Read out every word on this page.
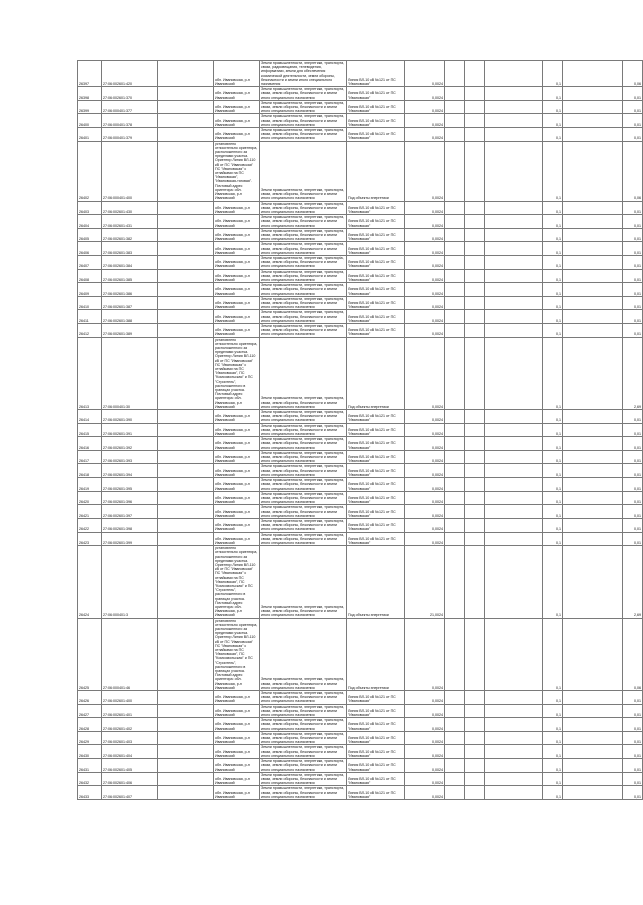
26397	27:06:002601:420		обл. Ивановская, р-н Ивановский	Земли промышленности, энергетики, транспорта, связи, радиовещания, телевидения, информатики, земли для обеспечения космической деятельности, земли обороны, безопасности и земли иного специального назначения	Линия ВЛ-10 кВ №121 от ПС "Ивановская"	0,0024				0,1		0,06
26398	27:06:002601:370		обл. Ивановская, р-н Ивановский	Земли промышленности, энергетики, транспорта, связи, земли обороны, безопасности и земли иного специального назначения	Линия ВЛ-10 кВ №121 от ПС "Ивановская"	0,0024				0,1		0,01
26399	27:06:000401:377		обл. Ивановская, р-н Ивановский	Земли промышленности, энергетики, транспорта, связи, земли обороны, безопасности и земли иного специального назначения	Линия ВЛ-10 кВ №121 от ПС "Ивановская"	0,0024				0,1		0,01
26400	27:06:000401:378		обл. Ивановская, р-н Ивановский	Земли промышленности, энергетики, транспорта, связи, земли обороны, безопасности и земли иного специального назначения	Линия ВЛ-10 кВ №121 от ПС "Ивановская"	0,0024				0,1		0,01
26401	27:06:000401:379		обл. Ивановская, р-н Ивановский	Земли промышленности, энергетики, транспорта, связи, земли обороны, безопасности и земли иного специального назначения	Линия ВЛ-10 кВ №121 от ПС "Ивановская"	0,0024				0,1		0,01
26402	27:06:000401:400		установлено относительно ориентира, расположенного за пределами участка. Ориентир Линия ВЛ-110 кВ от ПС "Ивановская" ПС "Ивановская" с отпайками на ПС "Ивановская", "Ивановская-тяговая". Почтовый адрес ориентира: обл. Ивановская, р-н Ивановский	Земли промышленности, энергетики, транспорта, связи, земли обороны, безопасности и земли иного специального назначения	Под объекты энергетики	0,0024				0,1		0,06
26403	27:06:002601:430		обл. Ивановская, р-н Ивановский	Земли промышленности, энергетики, транспорта, связи, земли обороны, безопасности и земли иного специального назначения	Линия ВЛ-10 кВ №121 от ПС "Ивановская"	0,0024				0,1		0,01
26404	27:06:002601:431		обл. Ивановская, р-н Ивановский	Земли промышленности, энергетики, транспорта, связи, земли обороны, безопасности и земли иного специального назначения	Линия ВЛ-10 кВ №121 от ПС "Ивановская"	0,0024				0,1		0,01
26405	27:06:002601:382		обл. Ивановская, р-н Ивановский	Земли промышленности, энергетики, транспорта, связи, земли обороны, безопасности и земли иного специального назначения	Линия ВЛ-10 кВ №121 от ПС "Ивановская"	0,0024				0,1		0,01
26406	27:06:002601:383		обл. Ивановская, р-н Ивановский	Земли промышленности, энергетики, транспорта, связи, земли обороны, безопасности и земли иного специального назначения	Линия ВЛ-10 кВ №121 от ПС "Ивановская"	0,0024				0,1		0,01
26407	27:06:002601:384		обл. Ивановская, р-н Ивановский	Земли промышленности, энергетики, транспорta, связи, земли обороны, безопасности и земли иного специального назначения	Линия ВЛ-10 кВ №121 от ПС "Ивановская"	0,0024				0,1		0,01
26408	27:06:002601:385		обл. Ивановская, р-н Ивановский	Земли промышленности, энергетики, транспорта, связи, земли обороны, безопасности и земли иного специального назначения	Линия ВЛ-10 кВ №121 от ПС "Ивановская"	0,0024				0,1		0,01
26409	27:06:002601:386		обл. Ивановская, р-н Ивановский	Земли промышленности, энергетики, транспорта, связи, земли обороны, безопасности и земли иного специального назначения	Линия ВЛ-10 кВ №121 от ПС "Ивановская"	0,0024				0,1		0,01
26410	27:06:002601:387		обл. Ивановская, р-н Ивановский	Земли промышленности, энергетики, транспорта, связи, земли обороны, безопасности и земли иного специального назначения	Линия ВЛ-10 кВ №121 от ПС "Ивановская"	0,0024				0,1		0,01
26411	27:06:002601:388		обл. Ивановская, р-н Ивановский	Земли промышленности, энергетики, транспорта, связи, земли обороны, безопасности и земли иного специального назначения	Линия ВЛ-10 кВ №121 от ПС "Ивановская"	0,0024				0,1		0,01
26412	27:06:002601:389		обл. Ивановская, р-н Ивановский	Земли промышленности, энергетики, транспорта, связи, земли обороны, безопасности и земли иного специального назначения	Линия ВЛ-10 кВ №121 от ПС "Ивановская"	0,0024				0,1		0,01
26413	27:06:000401:30		установлено относительно ориентира, расположенного за пределами участка. Ориентир Линия ВЛ-110 кВ от ПС "Ивановская" ПС "Ивановская" с отпайками на ПС "Ивановская", ПС "Комсомольская" и ПС "Строитель", расположенного в границах участка. Почтовый адрес ориентира: обл. Ивановская, р-н Ивановский	Земли промышленности, энергетики, транспорта, связи, земли обороны, безопасности и земли иного специального назначения	Под объекты энергетики	0,0024				0,1		2,69
26414	27:06:002601:390		обл. Ивановская, р-н Ивановский	Земли промышленности, энергетики, транспорта, связи, земли обороны, безопасности и земли иного специального назначения	Линия ВЛ-10 кВ №121 от ПС "Ивановская"	0,0024				0,1		0,01
26415	27:06:002601:391		обл. Ивановская, р-н Ивановский	Земли промышленности, энергетики, транспорта, связи, земли обороны, безопасности и земли иного специального назначения	Линия ВЛ-10 кВ №121 от ПС "Ивановская"	0,0024				0,1		0,01
26416	27:06:002601:392		обл. Ивановская, р-н Ивановский	Земли промышленности, энергетики, транспорта, связи, земли обороны, безопасности и земли иного специального назначения	Линия ВЛ-10 кВ №121 от ПС "Ивановская"	0,0024				0,1		0,01
26417	27:06:002601:393		обл. Ивановская, р-н Ивановский	Земли промышленности, энергетики, транспорта, связи, земли обороны, безопасности и земли иного специального назначения	Линия ВЛ-10 кВ №121 от ПС "Ивановская"	0,0024				0,1		0,01
26418	27:06:002601:394		обл. Ивановская, р-н Ивановский	Земли промышленности, энергетики, транспорта, связи, земли обороны, безопасности и земли иного специального назначения	Линия ВЛ-10 кВ №121 от ПС "Ивановская"	0,0024				0,1		0,01
26419	27:06:002601:395		обл. Ивановская, р-н Ивановский	Земли промышленности, энергетики, транспорта, связи, земли обороны, безопасности и земли иного специального назначения	Линия ВЛ-10 кВ №121 от ПС "Ивановская"	0,0024				0,1		0,01
26420	27:06:002601:396		обл. Ивановская, р-н Ивановский	Земли промышленности, энергетики, транспорта, связи, земли обороны, безопасности и земли иного специального назначения	Линия ВЛ-10 кВ №121 от ПС "Ивановская"	0,0024				0,1		0,01
26421	27:06:002601:397		обл. Ивановская, р-н Ивановский	Земли промышленности, энергетики, транспорта, связи, земли обороны, безопасности и земли иного специального назначения	Линия ВЛ-10 кВ №121 от ПС "Ивановская"	0,0024				0,1		0,01
26422	27:06:002601:398		обл. Ивановская, р-н Ивановский	Земли промышленности, энергетики, транспорта, связи, земли обороны, безопасности и земли иного специального назначения	Линия ВЛ-10 кВ №121 от ПС "Ивановская"	0,0024				0,1		0,01
26423	27:06:002601:399		обл. Ивановская, р-н Ивановский	Земли промышленности, энергетики, транспорта, связи, земли обороны, безопасности и земли иного специального назначения	Линия ВЛ-10 кВ №121 от ПС "Ивановская"	0,0024				0,1		0,01
26424	27:06:000401:3		установлено относительно ориентира, расположенного за пределами участка. Ориентир Линия ВЛ-110 кВ от ПС "Ивановская" ПС "Ивановская" с отпайками на ПС "Ивановская", ПС "Комсомольская" и ПС "Строитель", расположенного в границах участка. Почтовый адрес ориентира: обл. Ивановская, р-н Ивановский	Земли промышленности, энергетики, транспорта, связи, земли обороны, безопасности и земли иного специального назначения	Под объекты энергетики	21,0024				0,1		2,69
26425	27:06:000401:46		установлено относительно ориентира, расположенного за пределами участка. Ориентир Линия ВЛ-110 кВ от ПС "Ивановская" ПС "Ивановская" с отпайками на ПС "Ивановская", ПС "Комсомольская" и ПС "Строитель", расположенного в границах участка. Почтовый адрес ориентира: обл. Ивановская, р-н Ивановский	Земли промышленности, энергетики, транспорта, связи, земли обороны, безопасности и земли иного специального назначения	Под объекты энергетики	0,0024				0,1		0,06
26426	27:06:002601:400		обл. Ивановская, р-н Ивановский	Земли промышленности, энергетики, транспорта, связи, земли обороны, безопасности и земли иного специального назначения	Линия ВЛ-10 кВ №121 от ПС "Ивановская"	0,0024				0,1		0,01
26427	27:06:002601:401		обл. Ивановская, р-н Ивановский	Земли промышленности, энергетики, транспорта, связи, земли обороны, безопасности и земли иного специального назначения	Линия ВЛ-10 кВ №121 от ПС "Ивановская"	0,0024				0,1		0,01
26428	27:06:002601:402		обл. Ивановская, р-н Ивановский	Земли промышленности, энергетики, транспорта, связи, земли обороны, безопасности и земли иного специального назначения	Линия ВЛ-10 кВ №121 от ПС "Ивановская"	0,0024				0,1		0,01
26429	27:06:002601:403		обл. Ивановская, р-н Ивановский	Земли промышленности, энергетики, транспорта, связи, земли обороны, безопасности и земли иного специального назначения	Линия ВЛ-10 кВ №121 от ПС "Ивановская"	0,0024				0,1		0,01
26430	27:06:002601:404		обл. Ивановская, р-н Ивановский	Земли промышленности, энергетики, транспорта, связи, земли обороны, безопасности и земли иного специального назначения	Линия ВЛ-10 кВ №121 от ПС "Ивановская"	0,0024				0,1		0,01
26431	27:06:002601:405		обл. Ивановская, р-н Ивановский	Земли промышленности, энергетики, транспорта, связи, земли обороны, безопасности и земли иного специального назначения	Линия ВЛ-10 кВ №121 от ПС "Ивановская"	0,0024				0,1		0,01
26432	27:06:002601:406		обл. Ивановская, р-н Ивановский	Земли промышленности, энергетики, транспорта, связи, земли обороны, безопасности и земли иного специального назначения	Линия ВЛ-10 кВ №121 от ПС "Ивановская"	0,0024				0,1		0,01
26433	27:06:002601:407		обл. Ивановская, р-н Ивановский	Земли промышленности, энергетики, транспорта, связи, земли обороны, безопасности и земли иного специального назначения	Линия ВЛ-10 кВ №121 от ПС "Ивановская"	0,0024				0,1		0,01
